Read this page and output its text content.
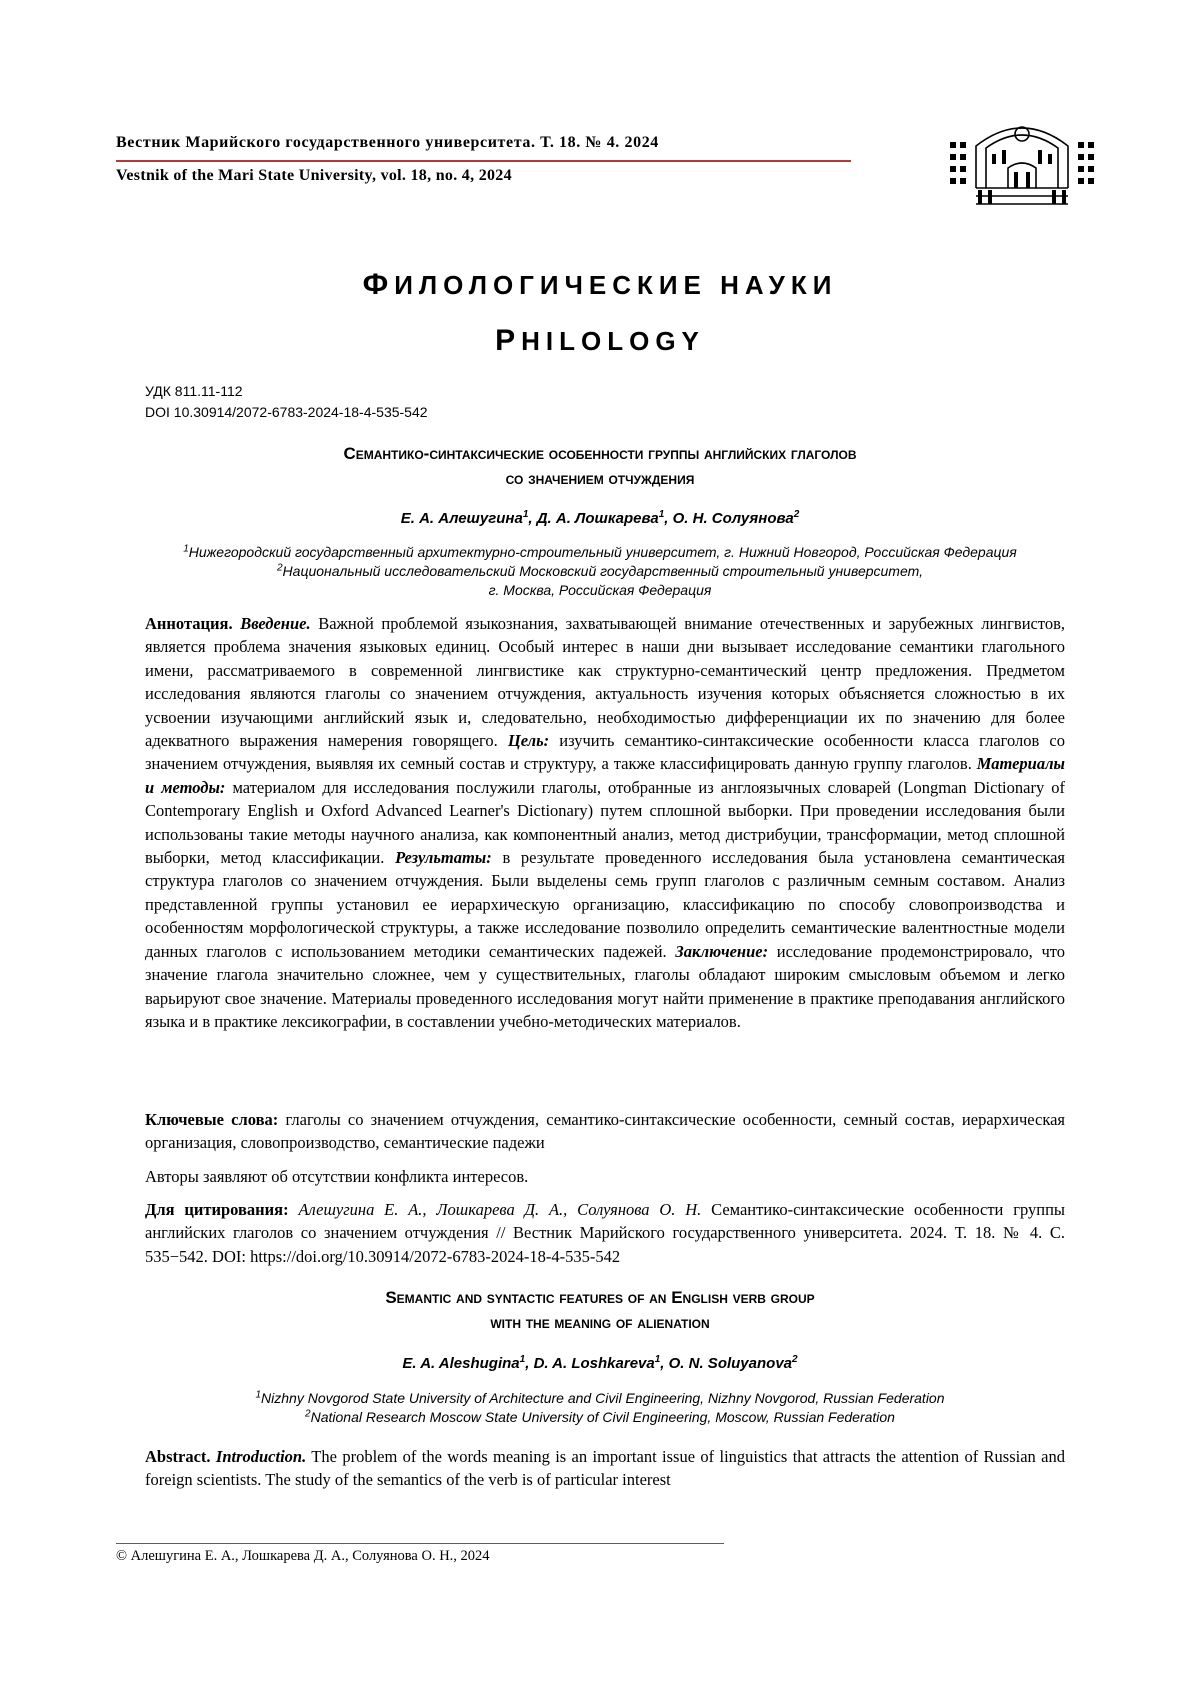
Вестник Марийского государственного университета. Т. 18. № 4. 2024
Vestnik of the Mari State University, vol. 18, no. 4, 2024
ФИЛОЛОГИЧЕСКИЕ НАУКИ
PHILOLOGY
УДК 811.11-112
DOI 10.30914/2072-6783-2024-18-4-535-542
Семантико-синтаксические особенности группы английских глаголов
со значением отчуждения
Е. А. Алешугина$^1$, Д. А. Лошкарева$^1$, О. Н. Солуянова$^2$
$^1$Нижегородский государственный архитектурно-строительный университет, г. Нижний Новгород, Российская Федерация
$^2$Национальный исследовательский Московский государственный строительный университет,
г. Москва, Российская Федерация
Аннотация. Введение. Важной проблемой языкознания, захватывающей внимание отечественных и зарубежных лингвистов, является проблема значения языковых единиц. Особый интерес в наши дни вызывает исследование семантики глагольного имени, рассматриваемого в современной лингвистике как структурно-семантический центр предложения. Предметом исследования являются глаголы со значением отчуждения, актуальность изучения которых объясняется сложностью в их усвоении изучающими английский язык и, следовательно, необходимостью дифференциации их по значению для более адекватного выражения намерения говорящего. Цель: изучить семантико-синтаксические особенности класса глаголов со значением отчуждения, выявляя их семный состав и структуру, а также классифицировать данную группу глаголов. Материалы и методы: материалом для исследования послужили глаголы, отобранные из англоязычных словарей (Longman Dictionary of Contemporary English и Oxford Advanced Learner's Dictionary) путем сплошной выборки. При проведении исследования были использованы такие методы научного анализа, как компонентный анализ, метод дистрибуции, трансформации, метод сплошной выборки, метод классификации. Результаты: в результате проведенного исследования была установлена семантическая структура глаголов со значением отчуждения. Были выделены семь групп глаголов с различным семным составом. Анализ представленной группы установил ее иерархическую организацию, классификацию по способу словопроизводства и особенностям морфологической структуры, а также исследование позволило определить семантические валентностные модели данных глаголов с использованием методики семантических падежей. Заключение: исследование продемонстрировало, что значение глагола значительно сложнее, чем у существительных, глаголы обладают широким смысловым объемом и легко варьируют свое значение. Материалы проведенного исследования могут найти применение в практике преподавания английского языка и в практике лексикографии, в составлении учебно-методических материалов.
Ключевые слова: глаголы со значением отчуждения, семантико-синтаксические особенности, семный состав, иерархическая организация, словопроизводство, семантические падежи
Авторы заявляют об отсутствии конфликта интересов.
Для цитирования: Алешугина Е. А., Лошкарева Д. А., Солуянова О. Н. Семантико-синтаксические особенности группы английских глаголов со значением отчуждения // Вестник Марийского государственного университета. 2024. Т. 18. № 4. С. 535−542. DOI: https://doi.org/10.30914/2072-6783-2024-18-4-535-542
Semantic and syntactic features of an English verb group
with the meaning of alienation
E. A. Aleshugina$^1$, D. A. Loshkareva$^1$, O. N. Soluyanova$^2$
$^1$Nizhny Novgorod State University of Architecture and Civil Engineering, Nizhny Novgorod, Russian Federation
$^2$National Research Moscow State University of Civil Engineering, Moscow, Russian Federation
Abstract. Introduction. The problem of the words meaning is an important issue of linguistics that attracts the attention of Russian and foreign scientists. The study of the semantics of the verb is of particular interest
© Алешугина Е. А., Лошкарева Д. А., Солуянова О. Н., 2024
